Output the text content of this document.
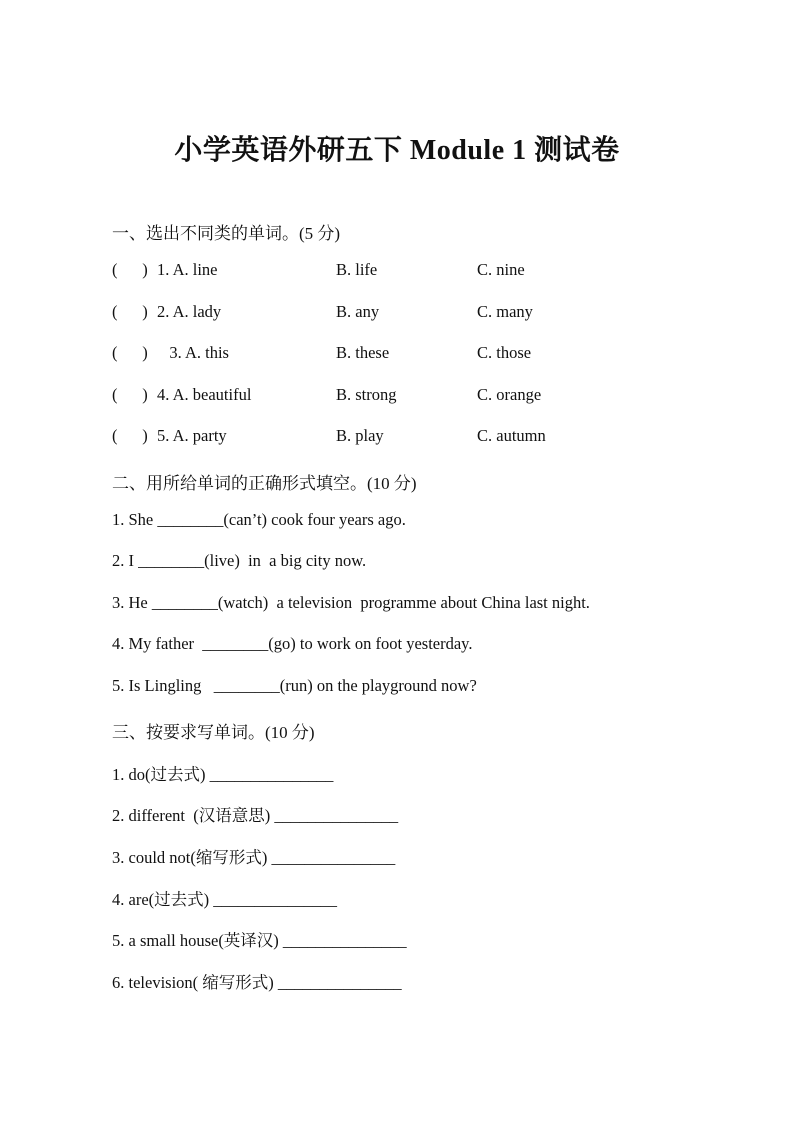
小学英语外研五下 Module 1 测试卷
一、选出不同类的单词。(5 分)
(      ) 1. A. line	B. life	C. nine
(      ) 2. A. lady	B. any	C. many
(      ) 3. A. this	B. these	C. those
(      ) 4. A. beautiful	B. strong	C. orange
(      ) 5. A. party	B. play	C. autumn
二、用所给单词的正确形式填空。(10 分)
1. She ________(can’t) cook four years ago.
2. I ________(live)  in  a big city now.
3. He ________(watch)  a television  programme about China last night.
4. My father  ________(go) to work on foot yesterday.
5. Is Lingling   ________(run) on the playground now?
三、按要求写单词。(10 分)
1. do(过去式) _______________
2. different  (汉语意思) _______________
3. could not(缩写形式) _______________
4. are(过去式) _______________
5. a small house(英译汉) _______________
6. television( 缩写形式) _______________
